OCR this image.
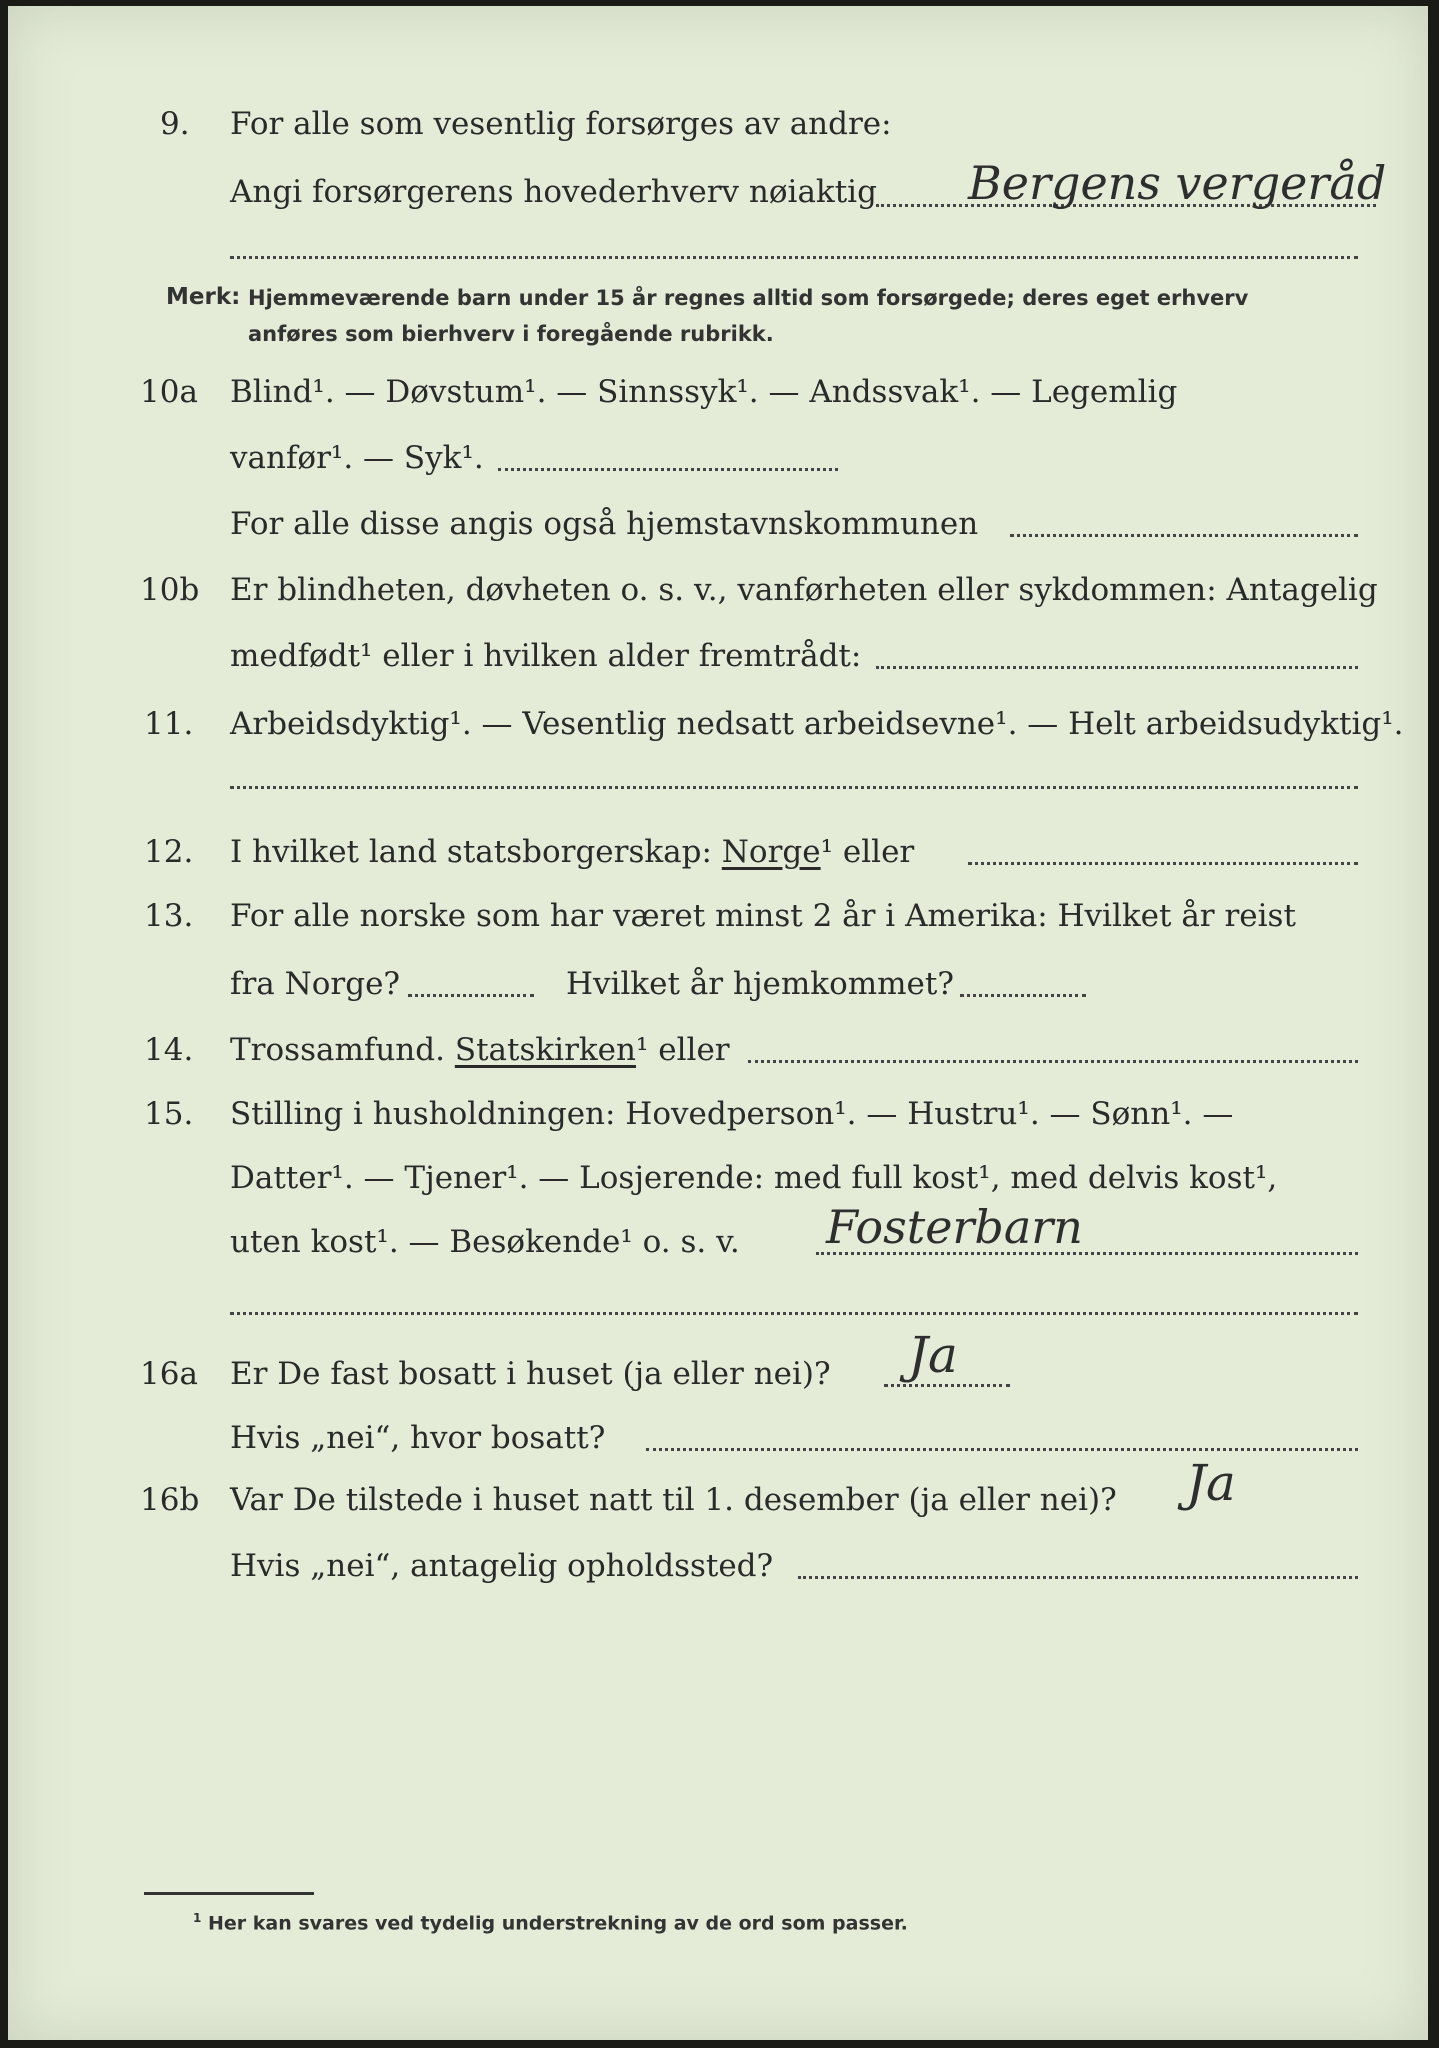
9. For alle som vesentlig forsørges av andre:
Angi forsørgerens hovederhverv nøiaktig Bergens vergeråd
Merk: Hjemmeværende barn under 15 år regnes alltid som forsørgede; deres eget erhverv
anføres som bierhverv i foregående rubrikk.
10a Blind¹. — Døvstum¹. — Sinnssyk¹. — Andssvak¹. — Legemlig
vanfør¹. — Syk¹.
For alle disse angis også hjemstavnskommunen
10b Er blindheten, døvheten o. s. v., vanførheten eller sykdommen: Antagelig
medfødt¹ eller i hvilken alder fremtrådt:
11. Arbeidsdyktig¹. — Vesentlig nedsatt arbeidsevne¹. — Helt arbeidsudyktig¹.
12. I hvilket land statsborgerskap: Norge¹ eller
13. For alle norske som har været minst 2 år i Amerika: Hvilket år reist
fra Norge?	Hvilket år hjemkommet?
14. Trossamfund. Statskirken¹ eller
15. Stilling i husholdningen: Hovedperson¹. — Hustru¹. — Sønn¹. —
Datter¹. — Tjener¹. — Losjerende: med full kost¹, med delvis kost¹,
uten kost¹. — Besøkende¹ o. s. v. Fosterbarn
16a Er De fast bosatt i huset (ja eller nei)? Ja
Hvis „nei“, hvor bosatt?
16b Var De tilstede i huset natt til 1. desember (ja eller nei)? Ja
Hvis „nei“, antagelig opholdssted?
$^1$ Her kan svares ved tydelig understrekning av de ord som passer.
